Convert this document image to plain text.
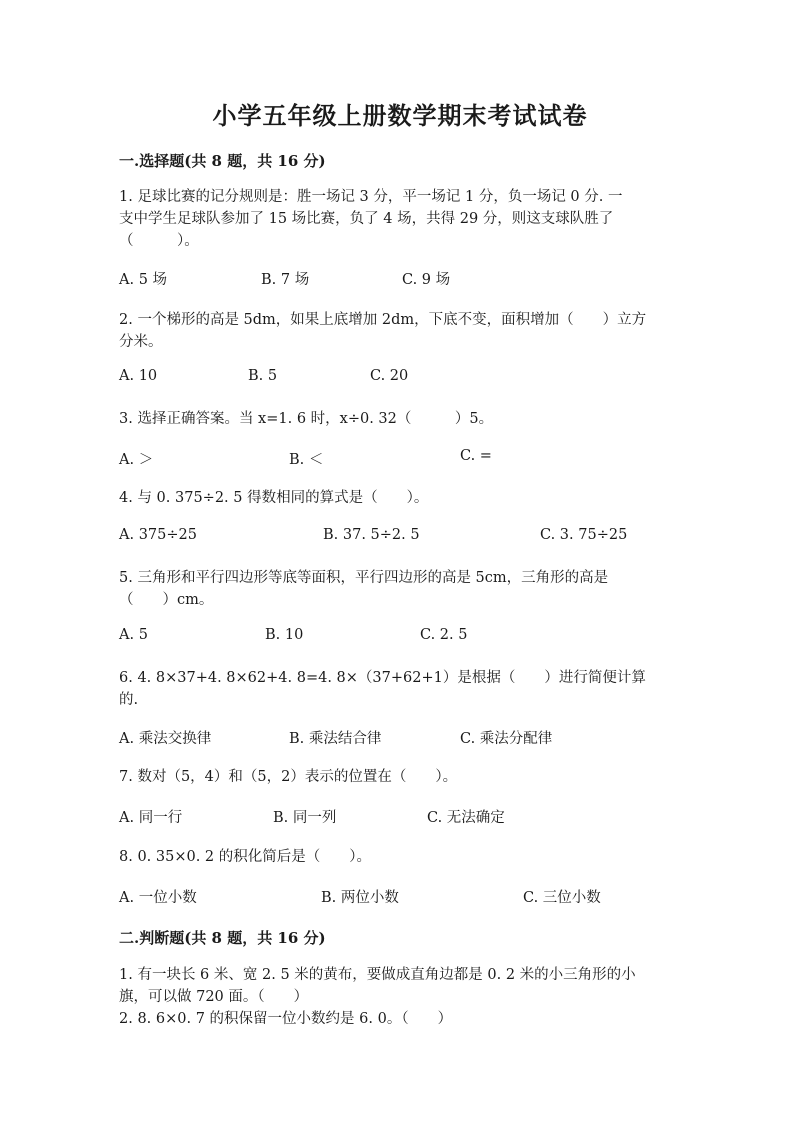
小学五年级上册数学期末考试试卷
一.选择题(共 8 题，共 16 分)
1. 足球比赛的记分规则是：胜一场记 3 分，平一场记 1 分，负一场记 0 分. 一
支中学生足球队参加了 15 场比赛，负了 4 场，共得 29 分，则这支球队胜了
（　　　）。
A. 5 场	B. 7 场	C. 9 场
2. 一个梯形的高是 5dm，如果上底增加 2dm，下底不变，面积增加（　　）立方
分米。
A. 10	B. 5	C. 20
3. 选择正确答案。当 x=1. 6 时，x÷0. 32（　　　）5。
A. ＞	B. ＜	C. =
4. 与 0. 375÷2. 5 得数相同的算式是（　　）。
A. 375÷25	B. 37. 5÷2. 5	C. 3. 75÷25
5. 三角形和平行四边形等底等面积，平行四边形的高是 5cm，三角形的高是
（　　）cm。
A. 5	B. 10	C. 2. 5
6. 4. 8×37+4. 8×62+4. 8=4. 8×（37+62+1）是根据（　　）进行简便计算
的.
A. 乘法交换律	B. 乘法结合律	C. 乘法分配律
7. 数对（5，4）和（5，2）表示的位置在（　　）。
A. 同一行	B. 同一列	C. 无法确定
8. 0. 35×0. 2 的积化简后是（　　）。
A. 一位小数	B. 两位小数	C. 三位小数
二.判断题(共 8 题，共 16 分)
1. 有一块长 6 米、宽 2. 5 米的黄布，要做成直角边都是 0. 2 米的小三角形的小
旗，可以做 720 面。（　　）
2. 8. 6×0. 7 的积保留一位小数约是 6. 0。（　　）
